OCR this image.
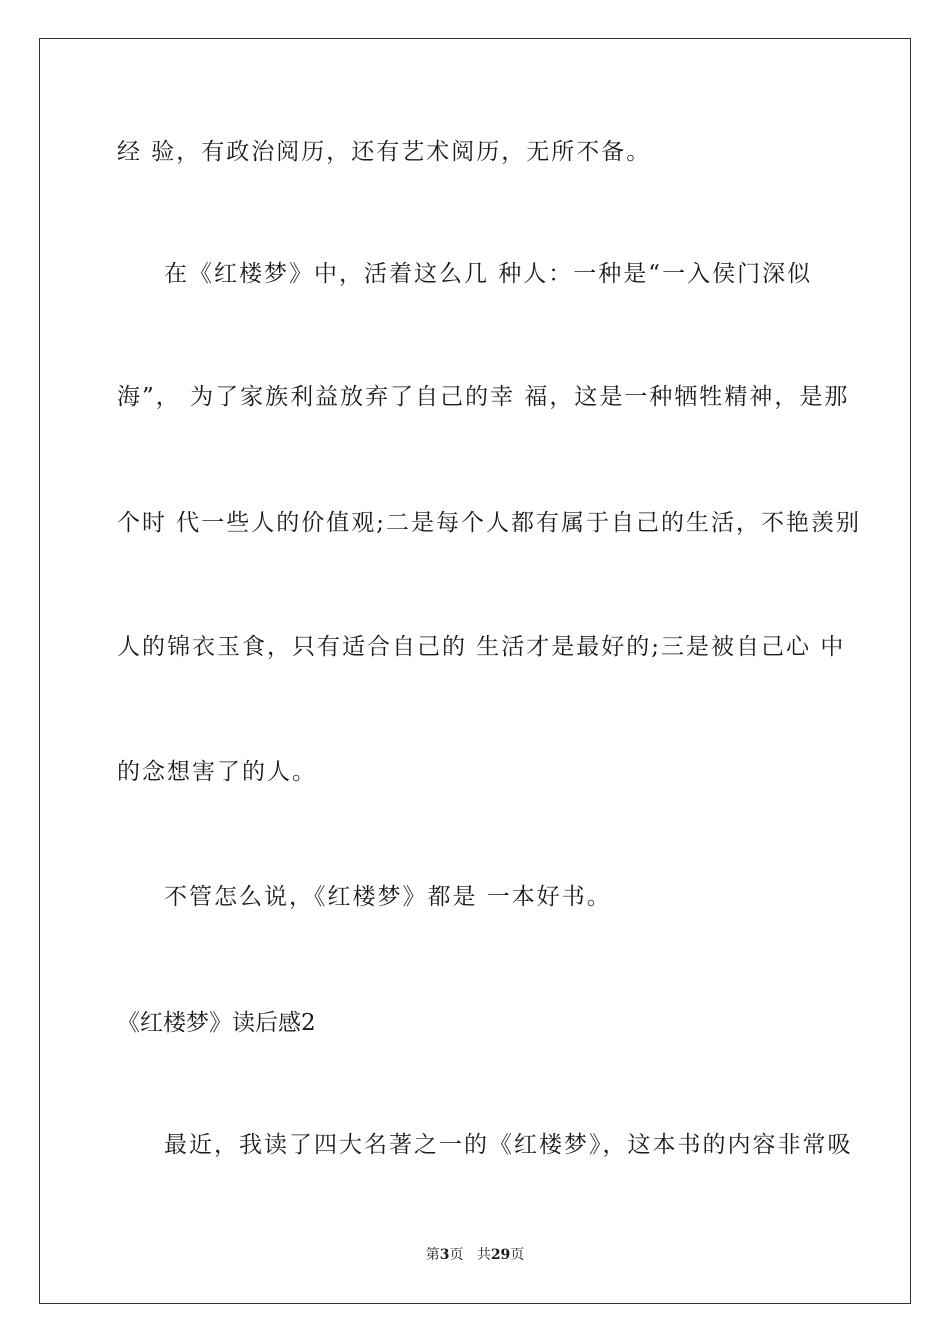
经 验，有政治阅历，还有艺术阅历，无所不备。
在《红楼梦》中，活着这么几 种人：一种是“一入侯门深似
海”， 为了家族利益放弃了自己的幸 福，这是一种牺牲精神，是那
个时 代一些人的价值观;二是每个人都有属于自己的生活，不艳羡别
人的锦衣玉食，只有适合自己的 生活才是最好的;三是被自己心 中
的念想害了的人。
不管怎么说，《红楼梦》都是 一本好书。
《红楼梦》读后感2
最近，我读了四大名著之一的《红楼梦》，这本书的内容非常吸
第3页 共29页
